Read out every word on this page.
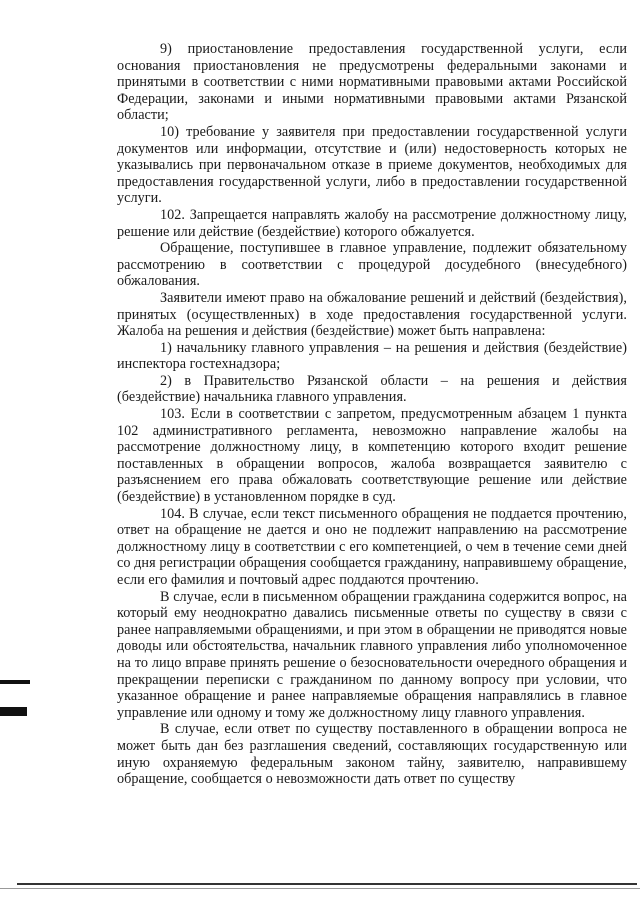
9) приостановление предоставления государственной услуги, если основания приостановления не предусмотрены федеральными законами и принятыми в соответствии с ними нормативными правовыми актами Российской Федерации, законами и иными нормативными правовыми актами Рязанской области;

10) требование у заявителя при предоставлении государственной услуги документов или информации, отсутствие и (или) недостоверность которых не указывались при первоначальном отказе в приеме документов, необходимых для предоставления государственной услуги, либо в предоставлении государственной услуги.

102. Запрещается направлять жалобу на рассмотрение должностному лицу, решение или действие (бездействие) которого обжалуется.

Обращение, поступившее в главное управление, подлежит обязательному рассмотрению в соответствии с процедурой досудебного (внесудебного) обжалования.

Заявители имеют право на обжалование решений и действий (бездействия), принятых (осуществленных) в ходе предоставления государственной услуги. Жалоба на решения и действия (бездействие) может быть направлена:

1) начальнику главного управления – на решения и действия (бездействие) инспектора гостехнадзора;

2) в Правительство Рязанской области – на решения и действия (бездействие) начальника главного управления.

103. Если в соответствии с запретом, предусмотренным абзацем 1 пункта 102 административного регламента, невозможно направление жалобы на рассмотрение должностному лицу, в компетенцию которого входит решение поставленных в обращении вопросов, жалоба возвращается заявителю с разъяснением его права обжаловать соответствующие решение или действие (бездействие) в установленном порядке в суд.

104. В случае, если текст письменного обращения не поддается прочтению, ответ на обращение не дается и оно не подлежит направлению на рассмотрение должностному лицу в соответствии с его компетенцией, о чем в течение семи дней со дня регистрации обращения сообщается гражданину, направившему обращение, если его фамилия и почтовый адрес поддаются прочтению.

В случае, если в письменном обращении гражданина содержится вопрос, на который ему неоднократно давались письменные ответы по существу в связи с ранее направляемыми обращениями, и при этом в обращении не приводятся новые доводы или обстоятельства, начальник главного управления либо уполномоченное на то лицо вправе принять решение о безосновательности очередного обращения и прекращении переписки с гражданином по данному вопросу при условии, что указанное обращение и ранее направляемые обращения направлялись в главное управление или одному и тому же должностному лицу главного управления.

В случае, если ответ по существу поставленного в обращении вопроса не может быть дан без разглашения сведений, составляющих государственную или иную охраняемую федеральным законом тайну, заявителю, направившему обращение, сообщается о невозможности дать ответ по существу
